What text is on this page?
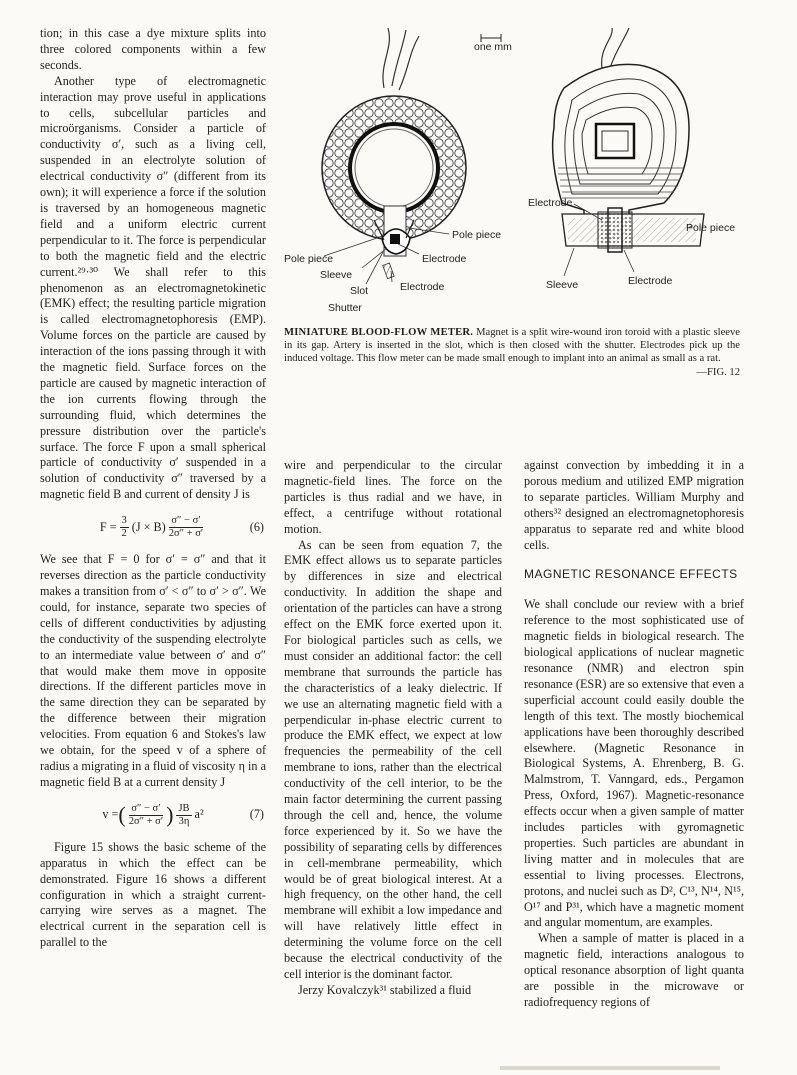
tion; in this case a dye mixture splits into three colored components within a few seconds.

Another type of electromagnetic interaction may prove useful in applications to cells, subcellular particles and microörganisms. Consider a particle of conductivity σ′, such as a living cell, suspended in an electrolyte solution of electrical conductivity σ″ (different from its own); it will experience a force if the solution is traversed by an homogeneous magnetic field and a uniform electric current perpendicular to it. The force is perpendicular to both the magnetic field and the electric current.²⁹·³⁰ We shall refer to this phenomenon as an electromagnetokinetic (EMK) effect; the resulting particle migration is called electromagnetophoresis (EMP). Volume forces on the particle are caused by interaction of the ions passing through it with the magnetic field. Surface forces on the particle are caused by magnetic interaction of the ion currents flowing through the surrounding fluid, which determines the pressure distribution over the particle's surface. The force F upon a small spherical particle of conductivity σ′ suspended in a solution of conductivity σ″ traversed by a magnetic field B and current of density J is

$F = \frac{3}{2} (J \times B) \frac{\sigma'' - \sigma'}{2\sigma'' + \sigma'}$	(6)

We see that F = 0 for σ′ = σ″ and that it reverses direction as the particle conductivity makes a transition from σ′ < σ″ to σ′ > σ″. We could, for instance, separate two species of cells of different conductivities by adjusting the conductivity of the suspending electrolyte to an intermediate value between σ′ and σ″ that would make them move in opposite directions. If the different particles move in the same direction they can be separated by the difference between their migration velocities. From equation 6 and Stokes's law we obtain, for the speed v of a sphere of radius a migrating in a fluid of viscosity η in a magnetic field B at a current density J

v = ( $\frac{\sigma'' - \sigma'}{2\sigma'' + \sigma'}$ ) $\frac{JB}{3\eta} a^2$	(7)

Figure 15 shows the basic scheme of the apparatus in which the effect can be demonstrated. Figure 16 shows a different configuration in which a straight current-carrying wire serves as a magnet. The electrical current in the separation cell is parallel to the

one mm
Pole piece
Pole piece	Electrode
Sleeve
Slot	Electrode
Shutter
Electrode
Pole piece
Sleeve	Electrode
MINIATURE BLOOD-FLOW METER. Magnet is a split wire-wound iron toroid with a plastic sleeve in its gap. Artery is inserted in the slot, which is then closed with the shutter. Electrodes pick up the induced voltage. This flow meter can be made small enough to implant into an animal as small as a rat.
—FIG. 12

wire and perpendicular to the circular magnetic-field lines. The force on the particles is thus radial and we have, in effect, a centrifuge without rotational motion.

As can be seen from equation 7, the EMK effect allows us to separate particles by differences in size and electrical conductivity. In addition the shape and orientation of the particles can have a strong effect on the EMK force exerted upon it. For biological particles such as cells, we must consider an additional factor: the cell membrane that surrounds the particle has the characteristics of a leaky dielectric. If we use an alternating magnetic field with a perpendicular in-phase electric current to produce the EMK effect, we expect at low frequencies the permeability of the cell membrane to ions, rather than the electrical conductivity of the cell interior, to be the main factor determining the current passing through the cell and, hence, the volume force experienced by it. So we have the possibility of separating cells by differences in cell-membrane permeability, which would be of great biological interest. At a high frequency, on the other hand, the cell membrane will exhibit a low impedance and will have relatively little effect in determining the volume force on the cell because the electrical conductivity of the cell interior is the dominant factor.

Jerzy Kovalczyk³¹ stabilized a fluid

against convection by imbedding it in a porous medium and utilized EMP migration to separate particles. William Murphy and others³² designed an electromagnetophoresis apparatus to separate red and white blood cells.

MAGNETIC RESONANCE EFFECTS

We shall conclude our review with a brief reference to the most sophisticated use of magnetic fields in biological research. The biological applications of nuclear magnetic resonance (NMR) and electron spin resonance (ESR) are so extensive that even a superficial account could easily double the length of this text. The mostly biochemical applications have been thoroughly described elsewhere. (Magnetic Resonance in Biological Systems, A. Ehrenberg, B. G. Malmstrom, T. Vanngard, eds., Pergamon Press, Oxford, 1967). Magnetic-resonance effects occur when a given sample of matter includes particles with gyromagnetic properties. Such particles are abundant in living matter and in molecules that are essential to living processes. Electrons, protons, and nuclei such as D², C¹³, N¹⁴, N¹⁵, O¹⁷ and P³¹, which have a magnetic moment and angular momentum, are examples.

When a sample of matter is placed in a magnetic field, interactions analogous to optical resonance absorption of light quanta are possible in the microwave or radiofrequency regions of
